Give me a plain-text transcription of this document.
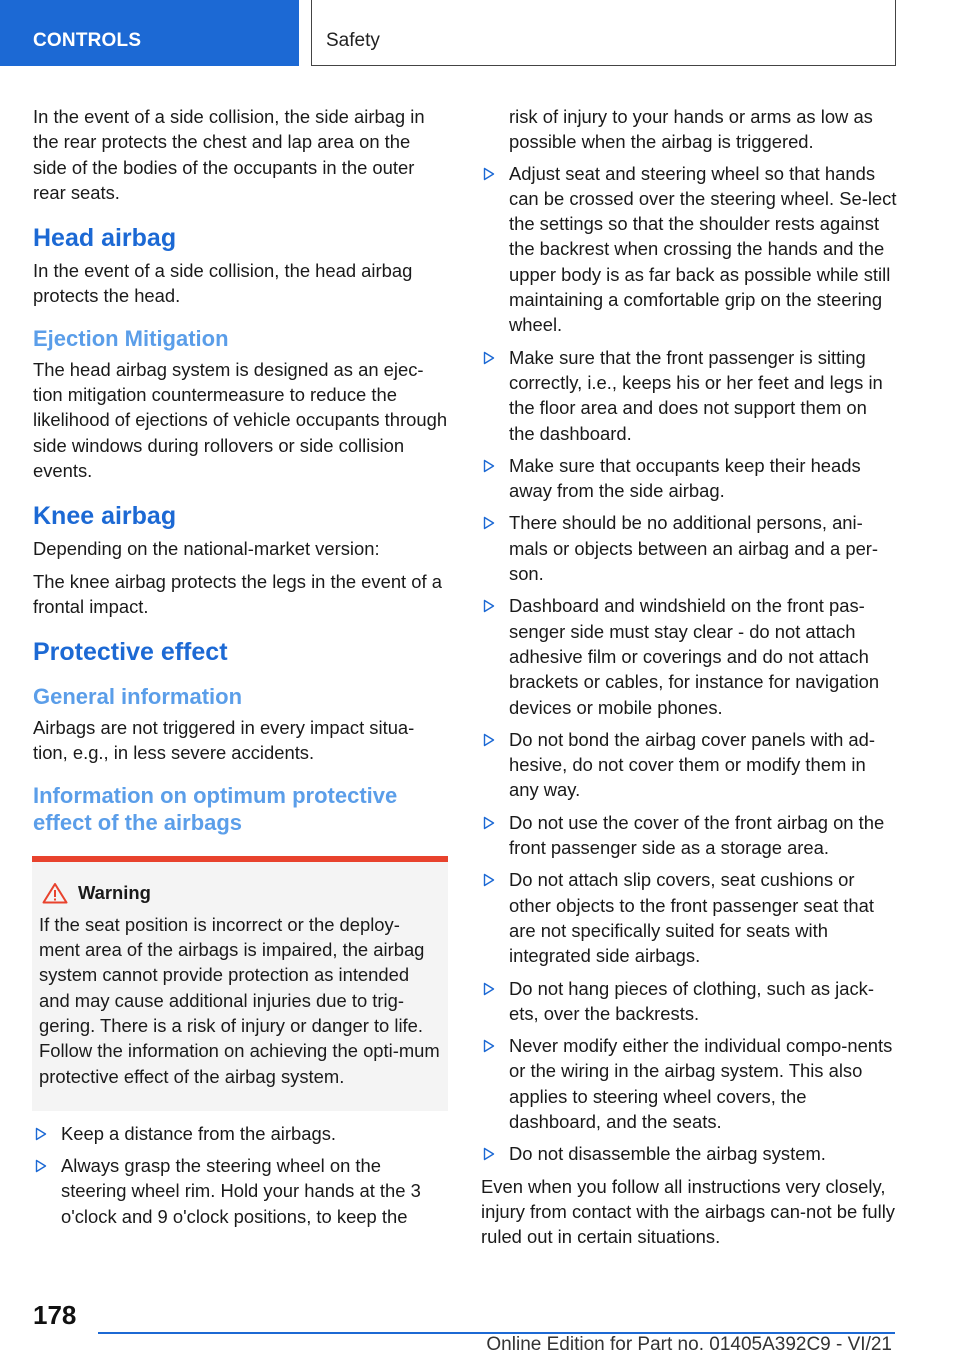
CONTROLS	Safety

In the event of a side collision, the side airbag in the rear protects the chest and lap area on the side of the bodies of the occupants in the outer rear seats.

Head airbag

In the event of a side collision, the head airbag protects the head.

Ejection Mitigation

The head airbag system is designed as an ejec‐tion mitigation countermeasure to reduce the likelihood of ejections of vehicle occupants through side windows during rollovers or side collision events.

Knee airbag

Depending on the national-market version:

The knee airbag protects the legs in the event of a frontal impact.

Protective effect
General information

Airbags are not triggered in every impact situa‐tion, e.g., in less severe accidents.

Information on optimum protective effect of the airbags
Warning

If the seat position is incorrect or the deploy‐ment area of the airbags is impaired, the airbag system cannot provide protection as intended and may cause additional injuries due to trig‐gering. There is a risk of injury or danger to life. Follow the information on achieving the opti‐mum protective effect of the airbag system.

Keep a distance from the airbags.
Always grasp the steering wheel on the steering wheel rim. Hold your hands at the 3 o'clock and 9 o'clock positions, to keep the

risk of injury to your hands or arms as low as possible when the airbag is triggered.

Adjust seat and steering wheel so that hands can be crossed over the steering wheel. Se‐lect the settings so that the shoulder rests against the backrest when crossing the hands and the upper body is as far back as possible while still maintaining a comfortable grip on the steering wheel.
Make sure that the front passenger is sitting correctly, i.e., keeps his or her feet and legs in the floor area and does not support them on the dashboard.
Make sure that occupants keep their heads away from the side airbag.
There should be no additional persons, ani‐mals or objects between an airbag and a per‐son.
Dashboard and windshield on the front pas‐senger side must stay clear - do not attach adhesive film or coverings and do not attach brackets or cables, for instance for navigation devices or mobile phones.
Do not bond the airbag cover panels with ad‐hesive, do not cover them or modify them in any way.
Do not use the cover of the front airbag on the front passenger side as a storage area.
Do not attach slip covers, seat cushions or other objects to the front passenger seat that are not specifically suited for seats with integrated side airbags.
Do not hang pieces of clothing, such as jack‐ets, over the backrests.
Never modify either the individual compo‐nents or the wiring in the airbag system. This also applies to steering wheel covers, the dashboard, and the seats.
Do not disassemble the airbag system.

Even when you follow all instructions very closely, injury from contact with the airbags can‐not be fully ruled out in certain situations.

178
Online Edition for Part no. 01405A392C9 - VI/21
